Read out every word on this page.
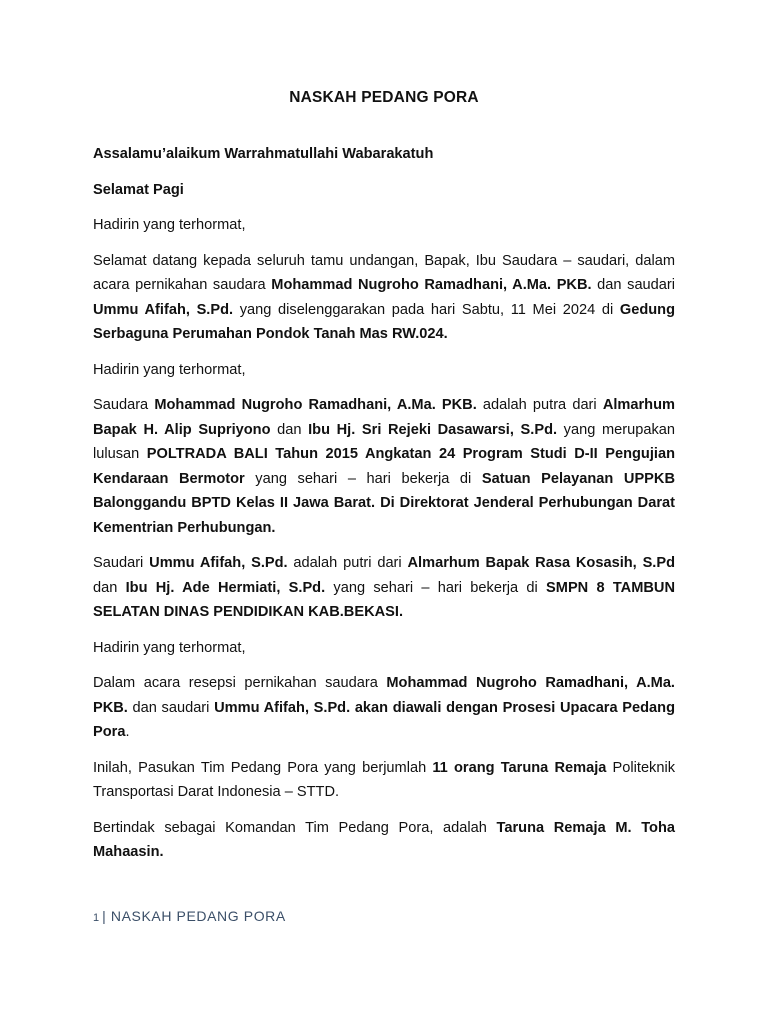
NASKAH PEDANG PORA

Assalamu’alaikum Warrahmatullahi Wabarakatuh

Selamat Pagi

Hadirin yang terhormat,

Selamat datang kepada seluruh tamu undangan, Bapak, Ibu Saudara – saudari, dalam acara pernikahan saudara Mohammad Nugroho Ramadhani, A.Ma. PKB. dan saudari Ummu Afifah, S.Pd. yang diselenggarakan pada hari Sabtu, 11 Mei 2024 di Gedung Serbaguna Perumahan Pondok Tanah Mas RW.024.

Hadirin yang terhormat,

Saudara Mohammad Nugroho Ramadhani, A.Ma. PKB. adalah putra dari Almarhum Bapak H. Alip Supriyono dan Ibu Hj. Sri Rejeki Dasawarsi, S.Pd. yang merupakan lulusan POLTRADA BALI Tahun 2015 Angkatan 24 Program Studi D-II Pengujian Kendaraan Bermotor yang sehari – hari bekerja di Satuan Pelayanan UPPKB Balonggandu BPTD Kelas II Jawa Barat. Di Direktorat Jenderal Perhubungan Darat Kementrian Perhubungan.

Saudari Ummu Afifah, S.Pd. adalah putri dari Almarhum Bapak Rasa Kosasih, S.Pd dan Ibu Hj. Ade Hermiati, S.Pd. yang sehari – hari bekerja di SMPN 8 TAMBUN SELATAN DINAS PENDIDIKAN KAB.BEKASI.

Hadirin yang terhormat,

Dalam acara resepsi pernikahan saudara Mohammad Nugroho Ramadhani, A.Ma. PKB. dan saudari Ummu Afifah, S.Pd. akan diawali dengan Prosesi Upacara Pedang Pora.

Inilah, Pasukan Tim Pedang Pora yang berjumlah 11 orang Taruna Remaja Politeknik Transportasi Darat Indonesia – STTD.

Bertindak sebagai Komandan Tim Pedang Pora, adalah Taruna Remaja M. Toha Mahaasin.

1 | NASKAH PEDANG PORA
